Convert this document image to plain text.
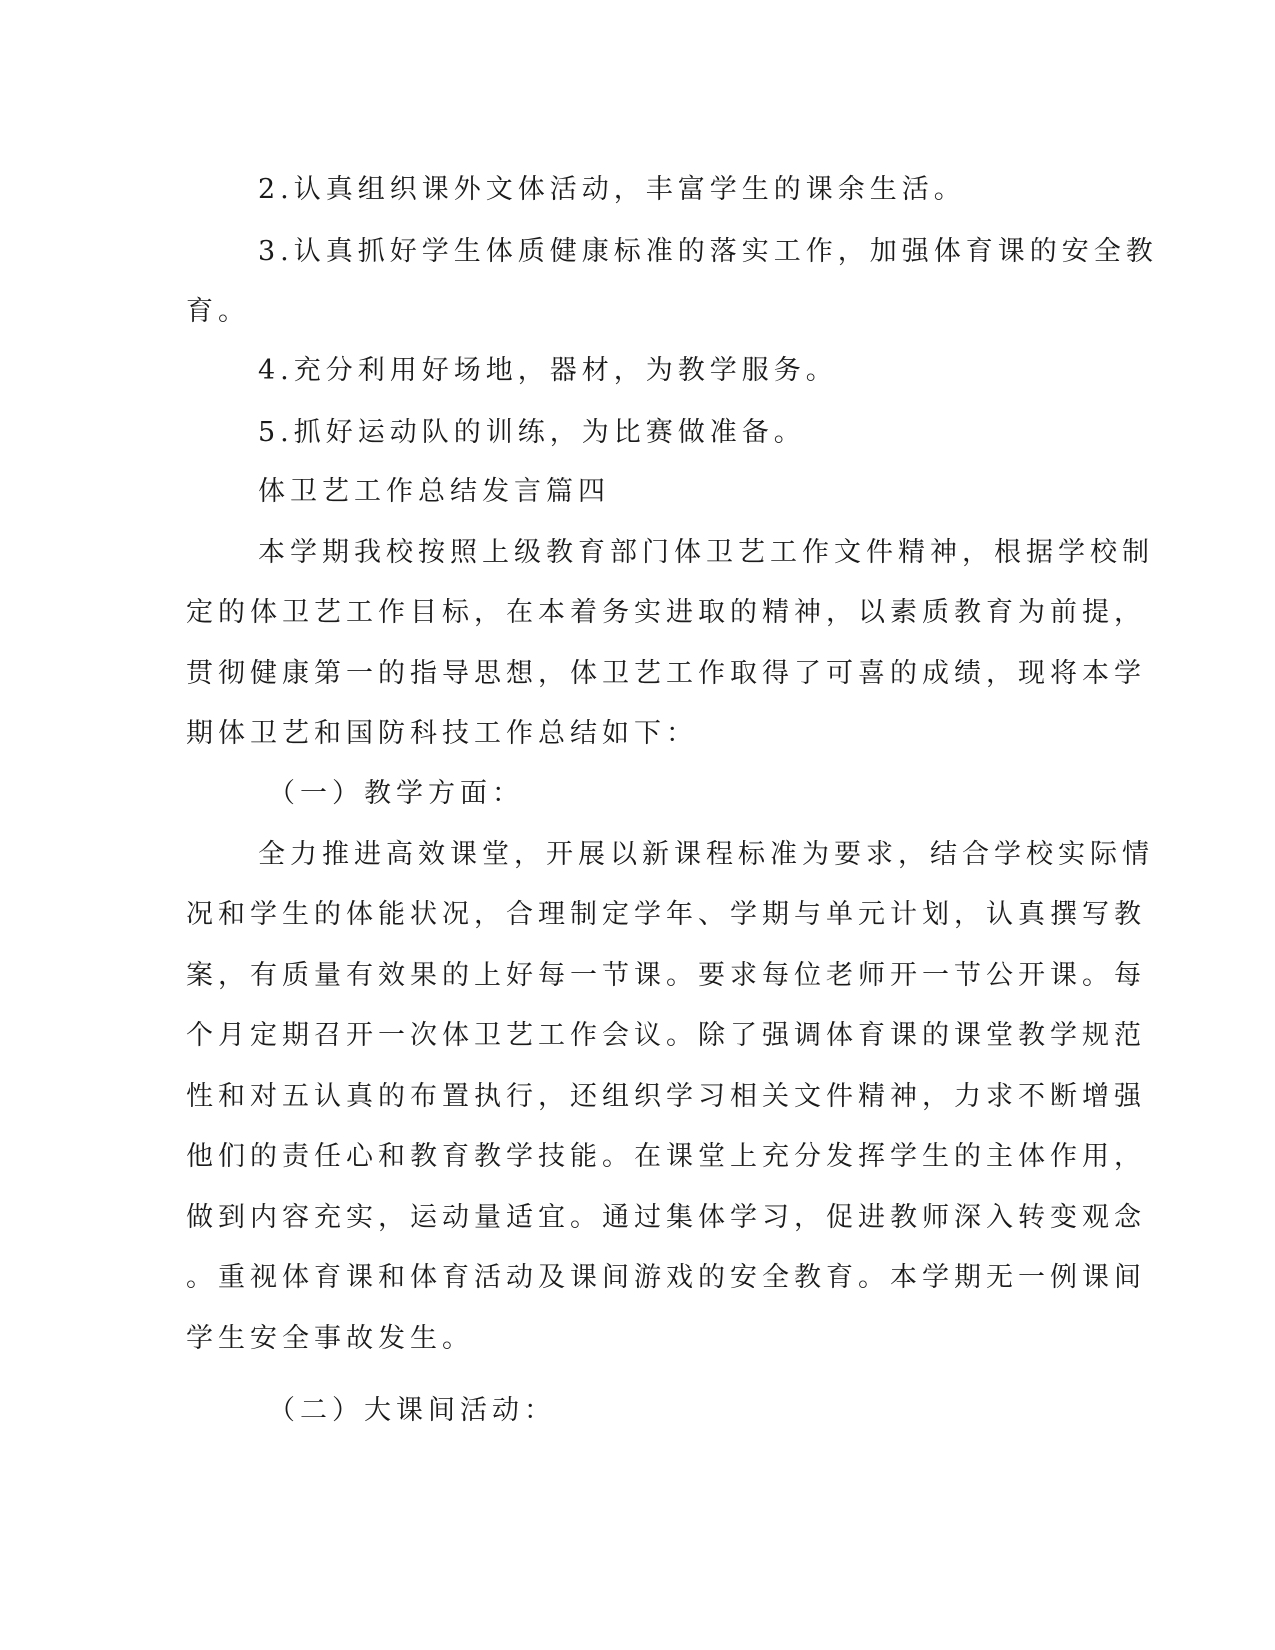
2.认真组织课外文体活动，丰富学生的课余生活。
3.认真抓好学生体质健康标准的落实工作，加强体育课的安全教
育。
4.充分利用好场地，器材，为教学服务。
5.抓好运动队的训练，为比赛做准备。
体卫艺工作总结发言篇四
本学期我校按照上级教育部门体卫艺工作文件精神，根据学校制
定的体卫艺工作目标，在本着务实进取的精神，以素质教育为前提，
贯彻健康第一的指导思想，体卫艺工作取得了可喜的成绩，现将本学
期体卫艺和国防科技工作总结如下：
（一）教学方面：
全力推进高效课堂，开展以新课程标准为要求，结合学校实际情
况和学生的体能状况，合理制定学年、学期与单元计划，认真撰写教
案，有质量有效果的上好每一节课。要求每位老师开一节公开课。每
个月定期召开一次体卫艺工作会议。除了强调体育课的课堂教学规范
性和对五认真的布置执行，还组织学习相关文件精神，力求不断增强
他们的责任心和教育教学技能。在课堂上充分发挥学生的主体作用，
做到内容充实，运动量适宜。通过集体学习，促进教师深入转变观念
。重视体育课和体育活动及课间游戏的安全教育。本学期无一例课间
学生安全事故发生。
（二）大课间活动：
